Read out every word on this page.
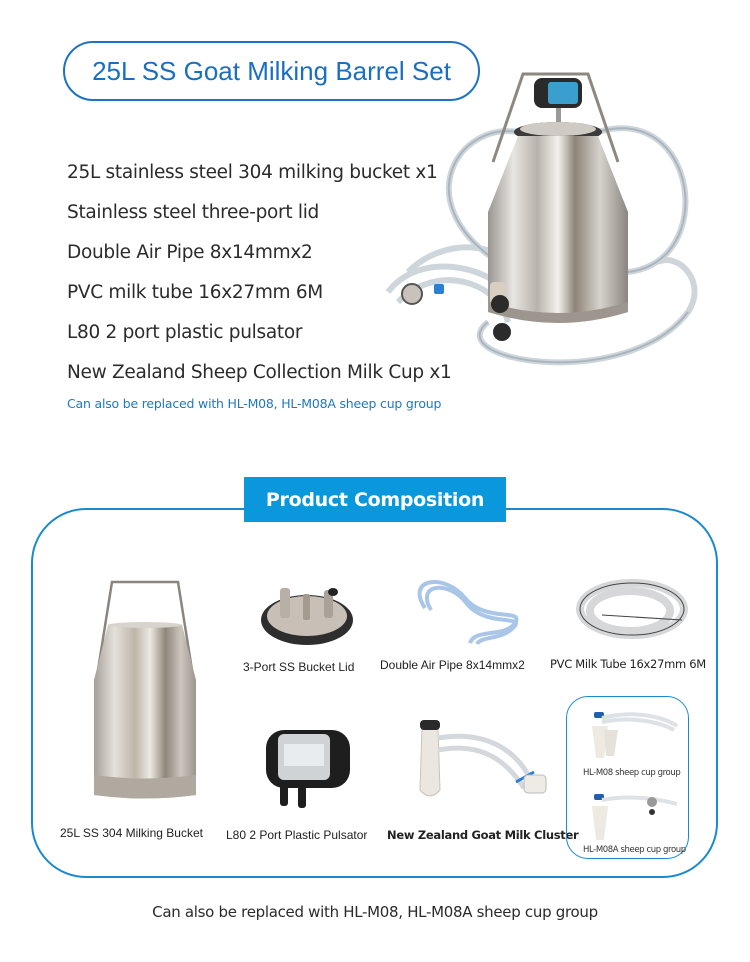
25L SS Goat Milking Barrel Set
25L stainless steel 304 milking bucket x1
Stainless steel three-port lid
Double Air Pipe 8x14mmx2
PVC milk tube 16x27mm 6M
L80 2 port plastic pulsator
New Zealand Sheep Collection Milk Cup x1
Can also be replaced with HL-M08, HL-M08A sheep cup group
Product Composition
25L SS 304 Milking Bucket
3-Port SS Bucket Lid Double Air Pipe 8x14mmx2 PVC Milk Tube 16x27mm 6M
L80 2 Port Plastic Pulsator New Zealand Goat Milk Cluster
HL-M08 sheep cup group
HL-M08A sheep cup group
Can also be replaced with HL-M08, HL-M08A sheep cup group
